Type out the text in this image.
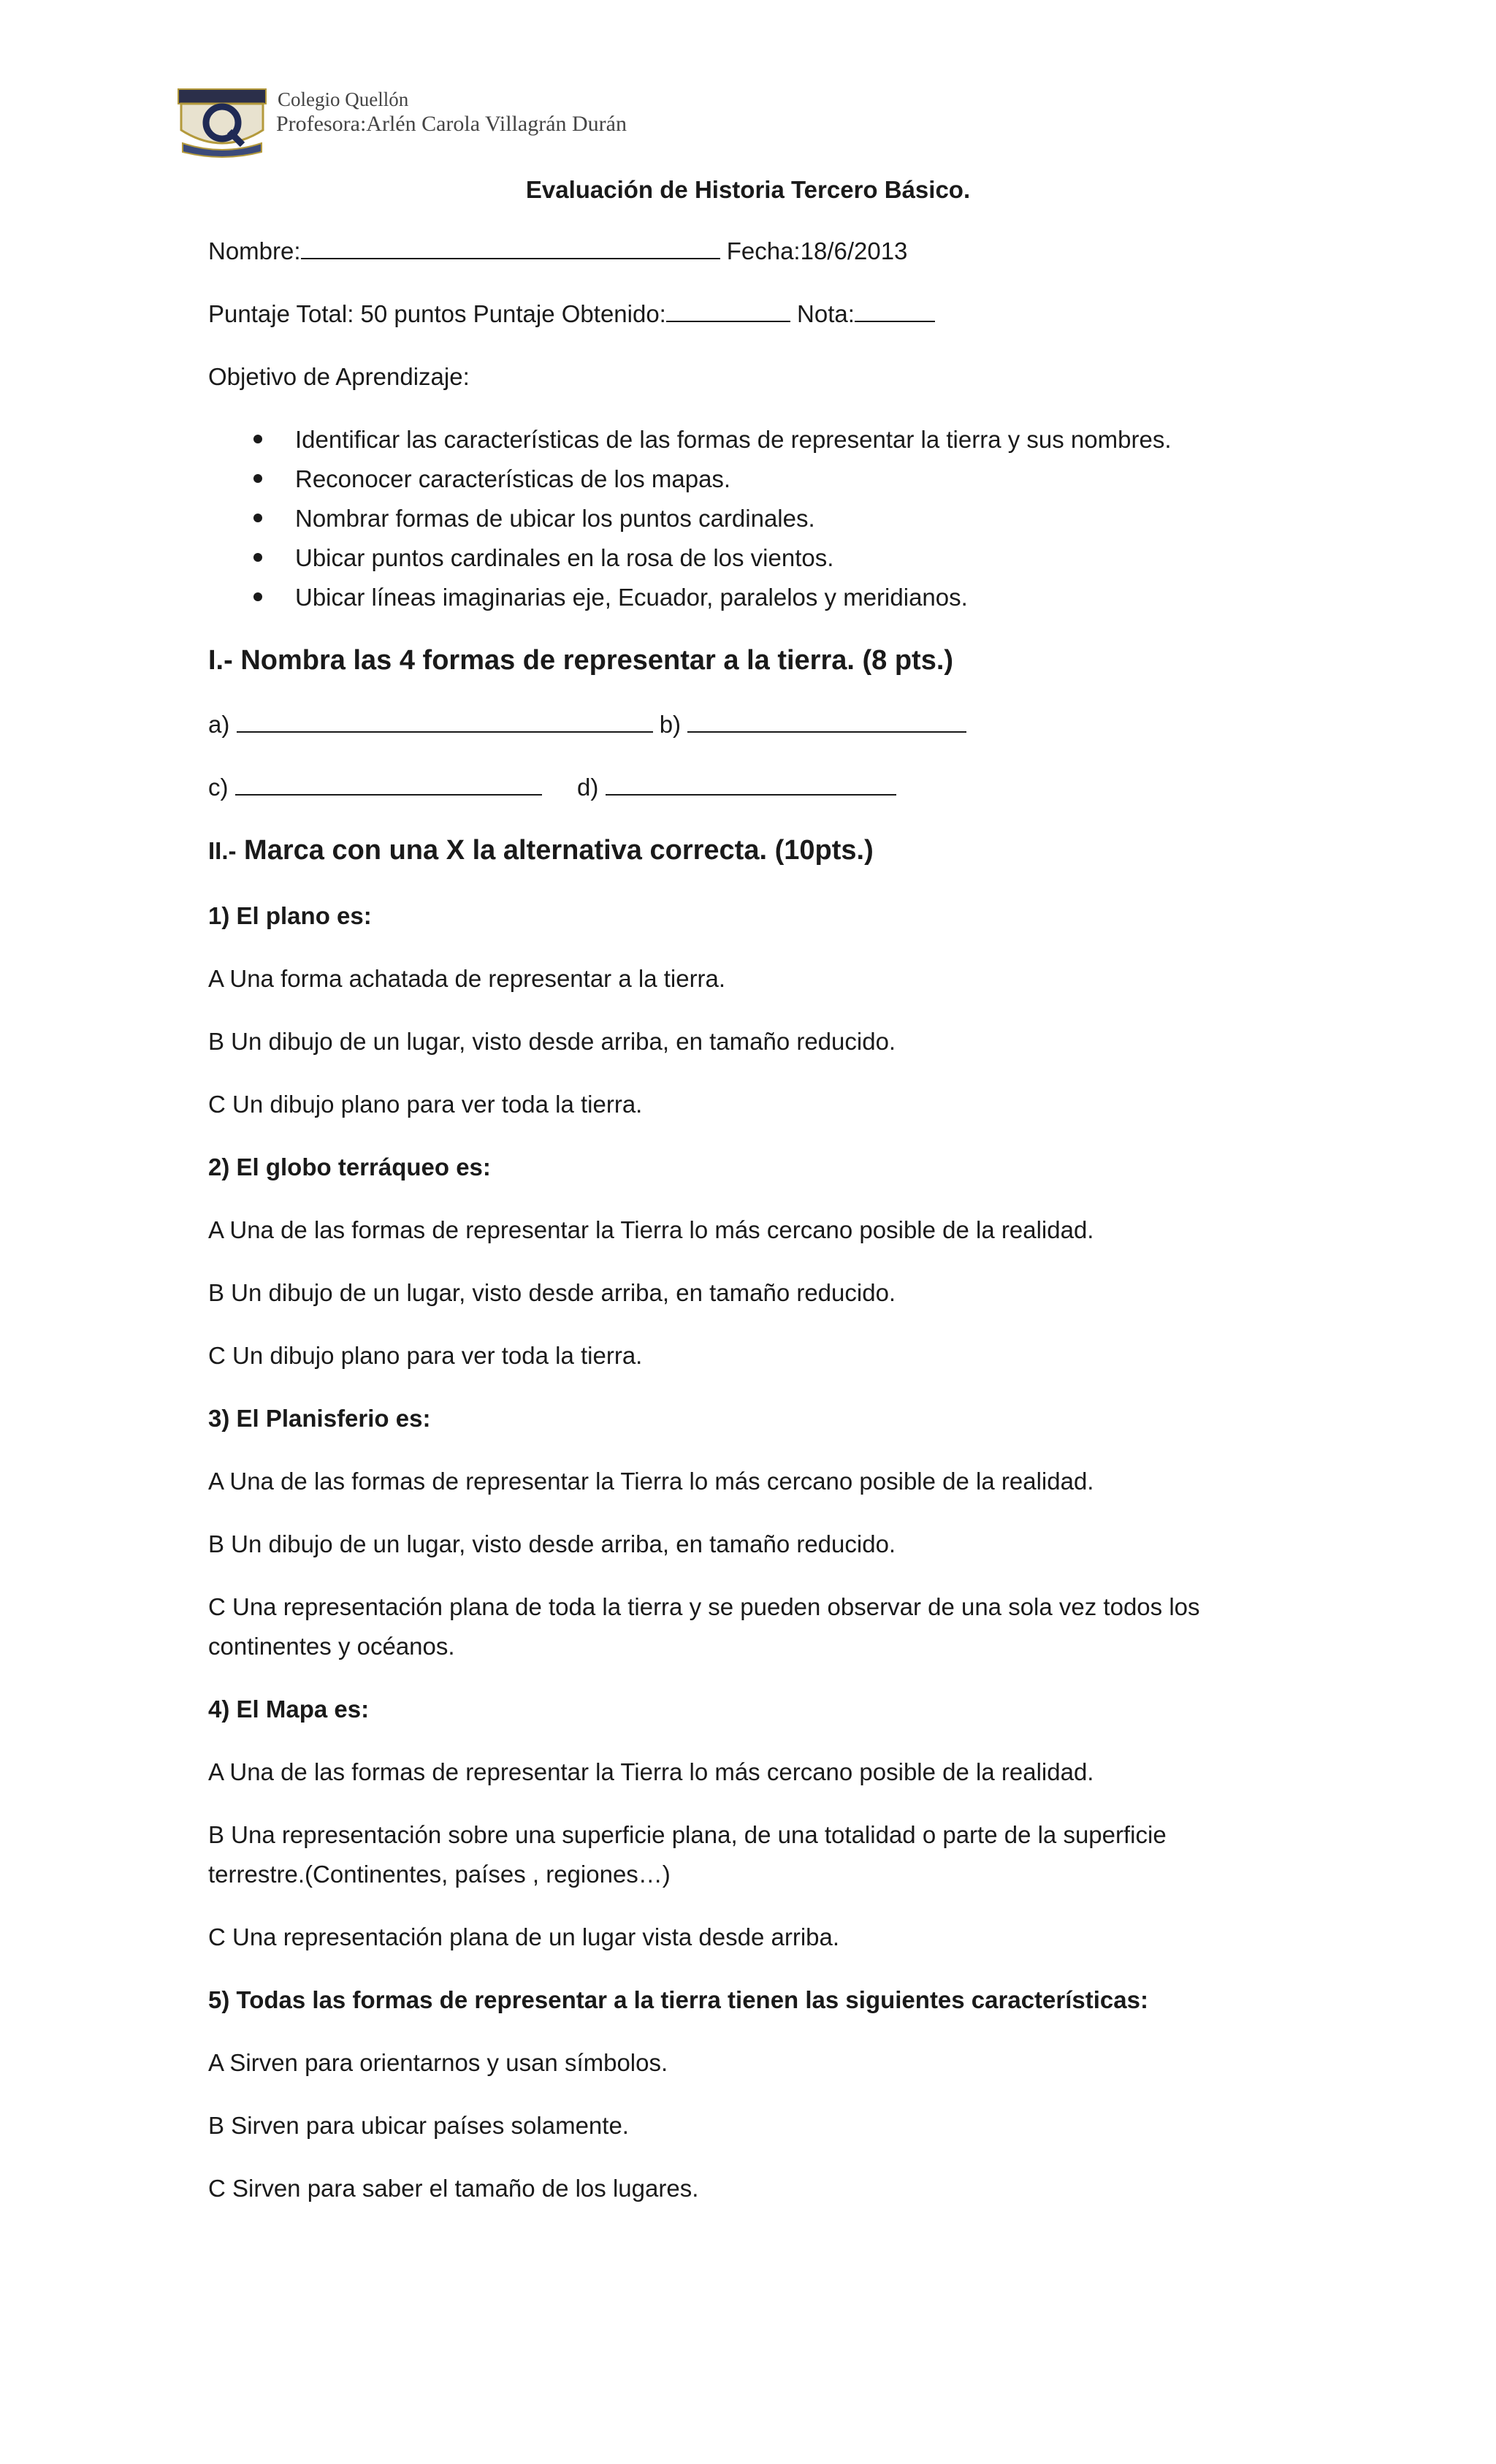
Colegio Quellón
Profesora:Arlén Carola Villagrán Durán
Evaluación de Historia Tercero Básico.
Nombre:	Fecha:18/6/2013
Puntaje Total: 50 puntos Puntaje Obtenido:	Nota:
Objetivo de Aprendizaje:
Identificar las características de las formas de representar la tierra y sus nombres.
Reconocer características de los mapas.
Nombrar formas de ubicar los puntos cardinales.
Ubicar puntos cardinales en la rosa de los vientos.
Ubicar líneas imaginarias eje, Ecuador, paralelos y meridianos.
I.- Nombra las 4 formas de representar a la tierra. (8 pts.)
a)	b)
c)	d)
II.- Marca con una X la alternativa correcta. (10pts.)
1) El plano es:
A Una forma achatada de representar a la tierra.
B Un dibujo de un lugar, visto desde arriba, en tamaño reducido.
C Un dibujo plano para ver toda la tierra.
2) El globo terráqueo es:
A Una de las formas de representar la Tierra lo más cercano posible de la realidad.
B Un dibujo de un lugar, visto desde arriba, en tamaño reducido.
C Un dibujo plano para ver toda la tierra.
3) El Planisferio es:
A Una de las formas de representar la Tierra lo más cercano posible de la realidad.
B Un dibujo de un lugar, visto desde arriba, en tamaño reducido.
C Una representación plana de toda la tierra y se pueden observar de una sola vez todos los
continentes y océanos.
4) El Mapa es:
A Una de las formas de representar la Tierra lo más cercano posible de la realidad.
B Una representación sobre una superficie plana, de una totalidad o parte de la superficie
terrestre.(Continentes, países , regiones…)
C Una representación plana de un lugar vista desde arriba.
5) Todas las formas de representar a la tierra tienen las siguientes características:
A Sirven para orientarnos y usan símbolos.
B Sirven para ubicar países solamente.
C Sirven para saber el tamaño de los lugares.
